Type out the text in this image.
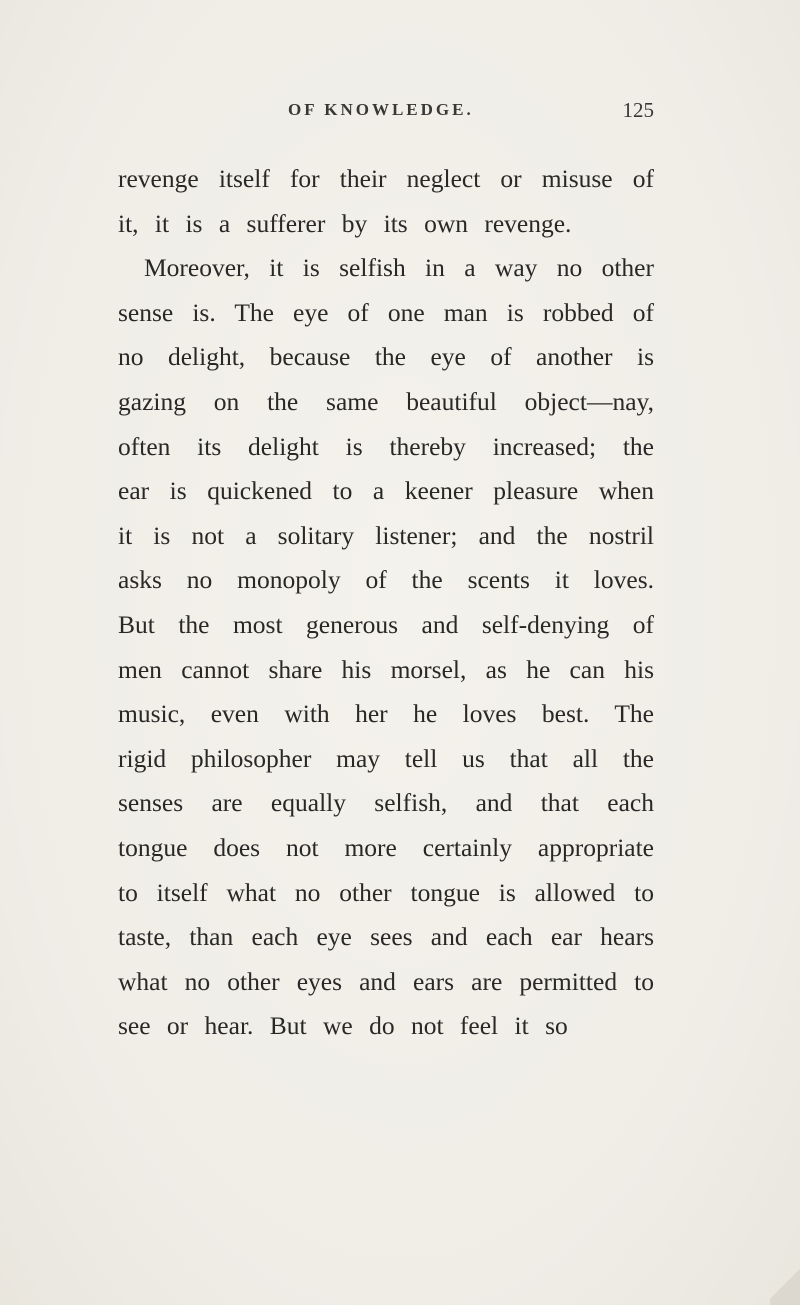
OF KNOWLEDGE.	125
revenge itself for their neglect or misuse of
it, it is a sufferer by its own revenge.
Moreover, it is selfish in a way no other
sense is. The eye of one man is robbed of
no delight, because the eye of another is
gazing on the same beautiful object—nay,
often its delight is thereby increased; the
ear is quickened to a keener pleasure when
it is not a solitary listener; and the nostril
asks no monopoly of the scents it loves.
But the most generous and self-denying of
men cannot share his morsel, as he can his
music, even with her he loves best. The
rigid philosopher may tell us that all the
senses are equally selfish, and that each
tongue does not more certainly appropriate
to itself what no other tongue is allowed to
taste, than each eye sees and each ear hears
what no other eyes and ears are permitted to
see or hear. But we do not feel it so
